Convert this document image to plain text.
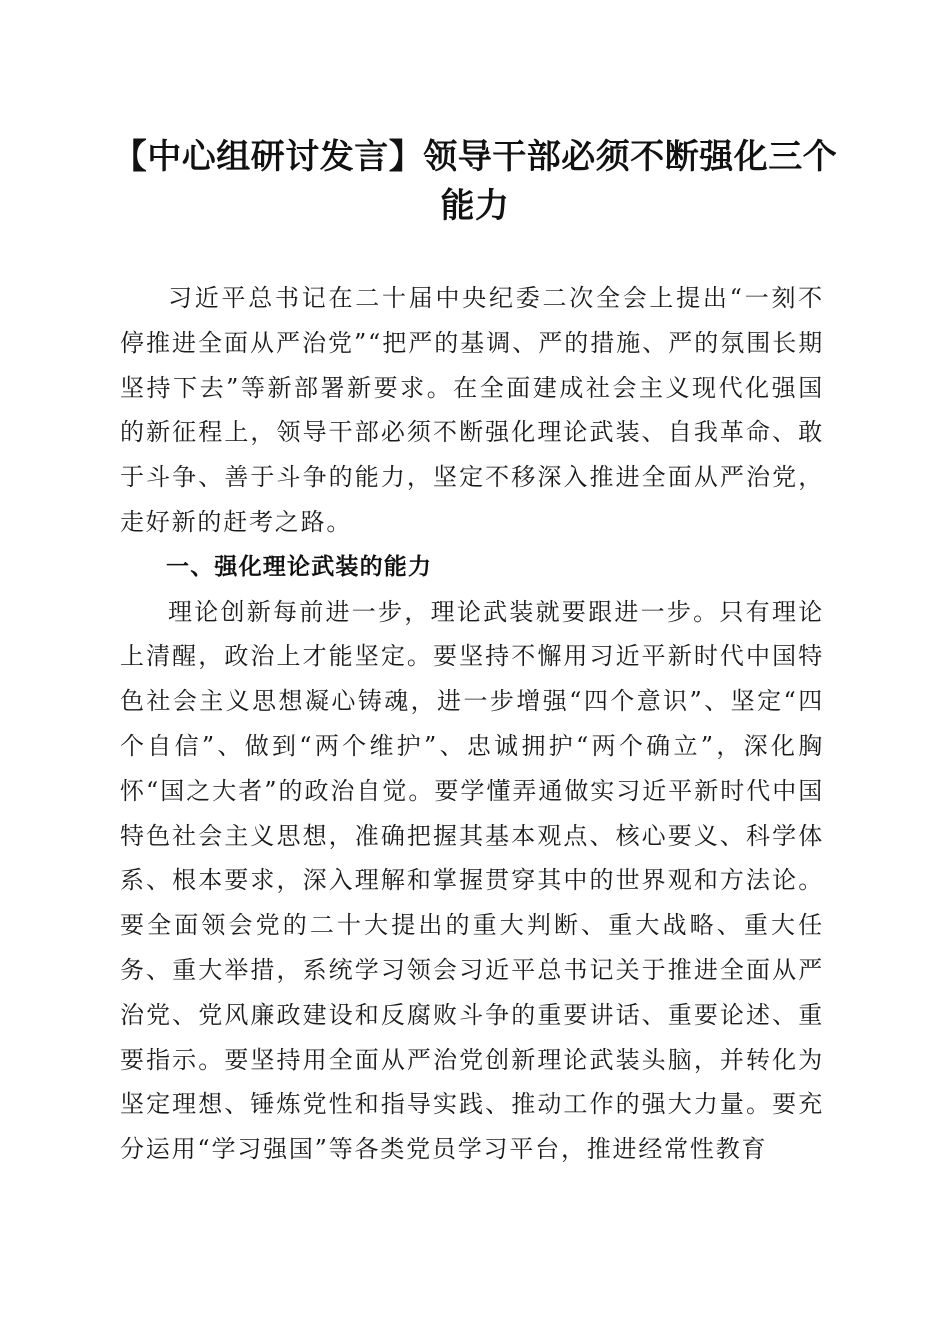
【中心组研讨发言】领导干部必须不断强化三个能力

习近平总书记在二十届中央纪委二次全会上提出“一刻不停推进全面从严治党”“把严的基调、严的措施、严的氛围长期坚持下去”等新部署新要求。在全面建成社会主义现代化强国的新征程上，领导干部必须不断强化理论武装、自我革命、敢于斗争、善于斗争的能力，坚定不移深入推进全面从严治党，走好新的赶考之路。

一、强化理论武装的能力

理论创新每前进一步，理论武装就要跟进一步。只有理论上清醒，政治上才能坚定。要坚持不懈用习近平新时代中国特色社会主义思想凝心铸魂，进一步增强“四个意识”、坚定“四个自信”、做到“两个维护”、忠诚拥护“两个确立”，深化胸怀“国之大者”的政治自觉。要学懂弄通做实习近平新时代中国特色社会主义思想，准确把握其基本观点、核心要义、科学体系、根本要求，深入理解和掌握贯穿其中的世界观和方法论。要全面领会党的二十大提出的重大判断、重大战略、重大任务、重大举措，系统学习领会习近平总书记关于推进全面从严治党、党风廉政建设和反腐败斗争的重要讲话、重要论述、重要指示。要坚持用全面从严治党创新理论武装头脑，并转化为坚定理想、锤炼党性和指导实践、推动工作的强大力量。要充分运用“学习强国”等各类党员学习平台，推进经常性教育
